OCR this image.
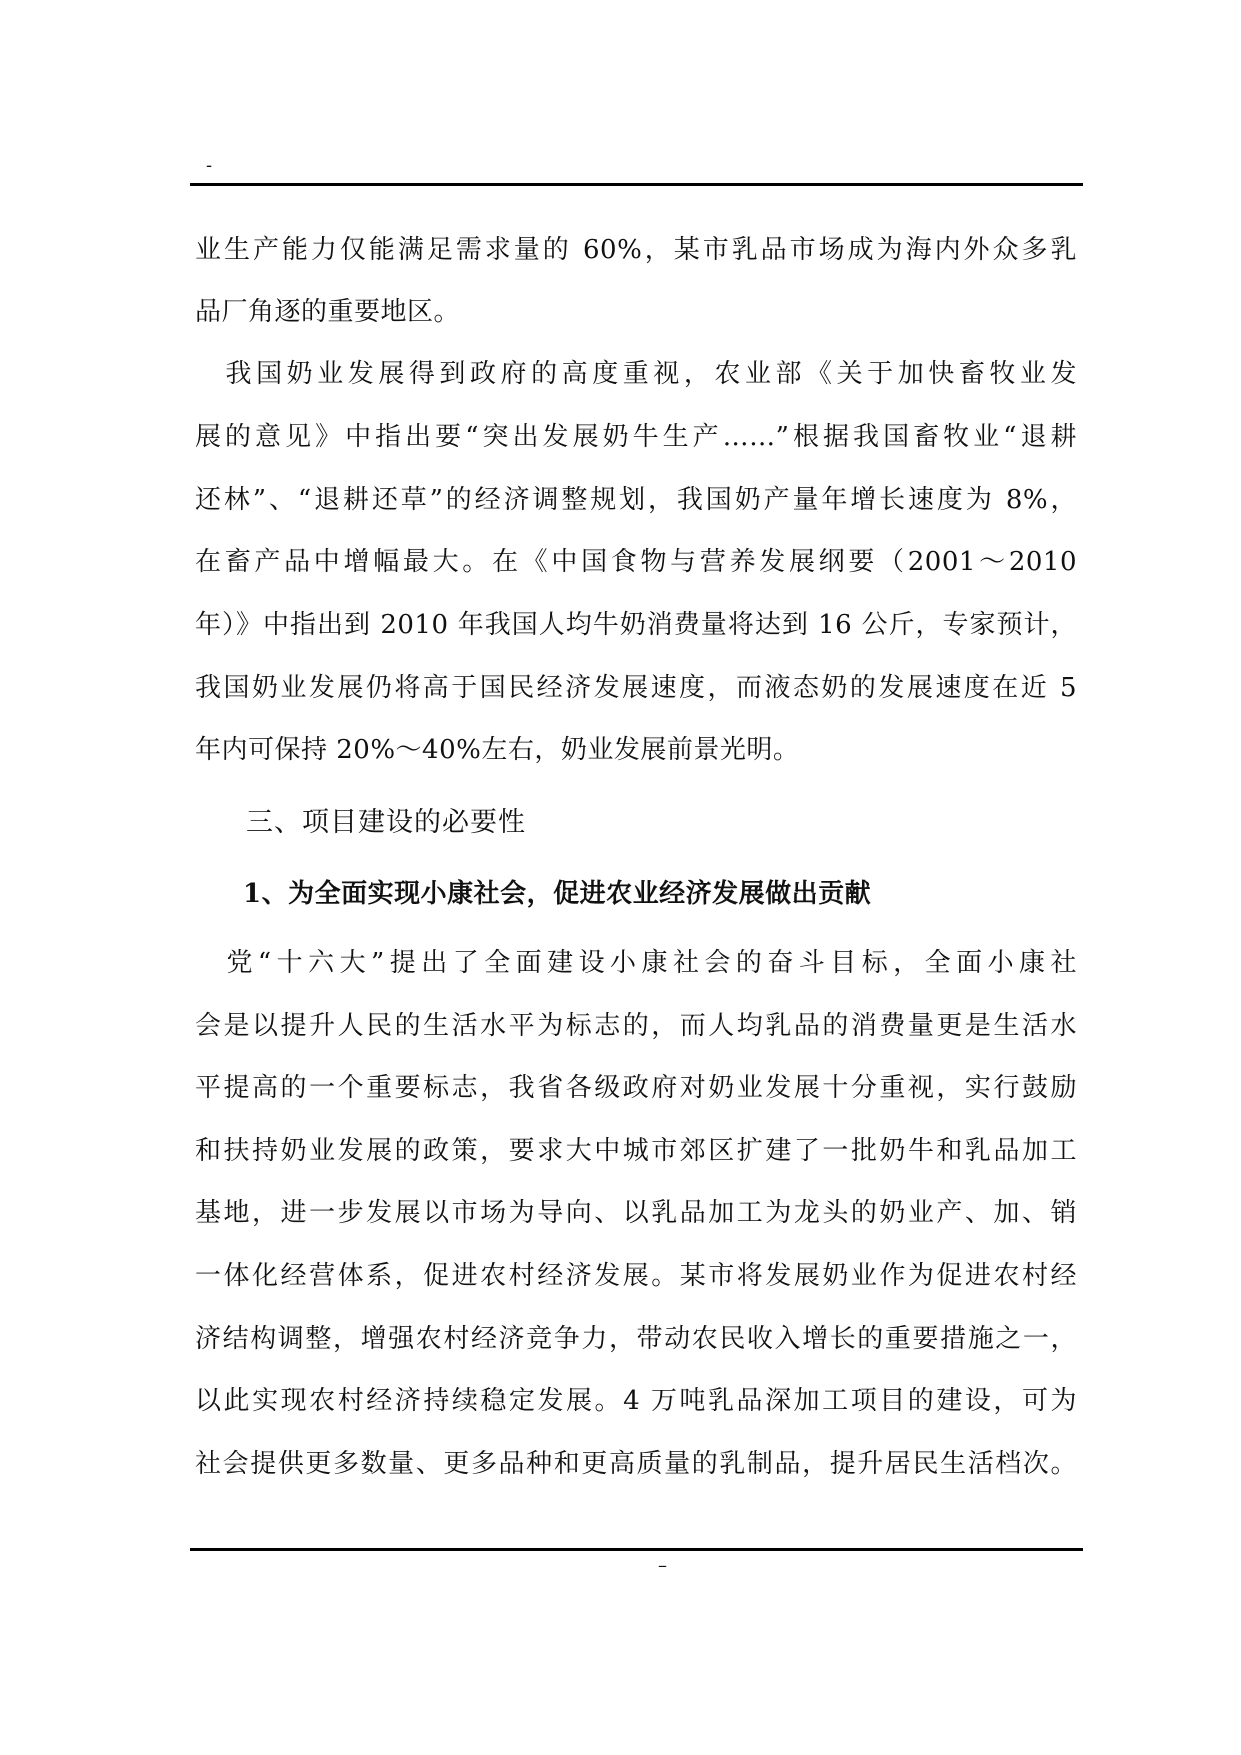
-
业生产能力仅能满足需求量的 60%，某市乳品市场成为海内外众多乳
品厂角逐的重要地区。
　我国奶业发展得到政府的高度重视，农业部《关于加快畜牧业发
展的意见》中指出要“突出发展奶牛生产……”根据我国畜牧业“退耕
还林”、“退耕还草”的经济调整规划，我国奶产量年增长速度为 8%，
在畜产品中增幅最大。在《中国食物与营养发展纲要（2001～2010
年）》中指出到 2010 年我国人均牛奶消费量将达到 16 公斤，专家预计，
我国奶业发展仍将高于国民经济发展速度，而液态奶的发展速度在近 5
年内可保持 20%～40%左右，奶业发展前景光明。
三、项目建设的必要性
1、为全面实现小康社会，促进农业经济发展做出贡献
　党“十六大”提出了全面建设小康社会的奋斗目标，全面小康社
会是以提升人民的生活水平为标志的，而人均乳品的消费量更是生活水
平提高的一个重要标志，我省各级政府对奶业发展十分重视，实行鼓励
和扶持奶业发展的政策，要求大中城市郊区扩建了一批奶牛和乳品加工
基地，进一步发展以市场为导向、以乳品加工为龙头的奶业产、加、销
一体化经营体系，促进农村经济发展。某市将发展奶业作为促进农村经
济结构调整，增强农村经济竞争力，带动农民收入增长的重要措施之一，
以此实现农村经济持续稳定发展。4 万吨乳品深加工项目的建设，可为
社会提供更多数量、更多品种和更高质量的乳制品，提升居民生活档次。
–
